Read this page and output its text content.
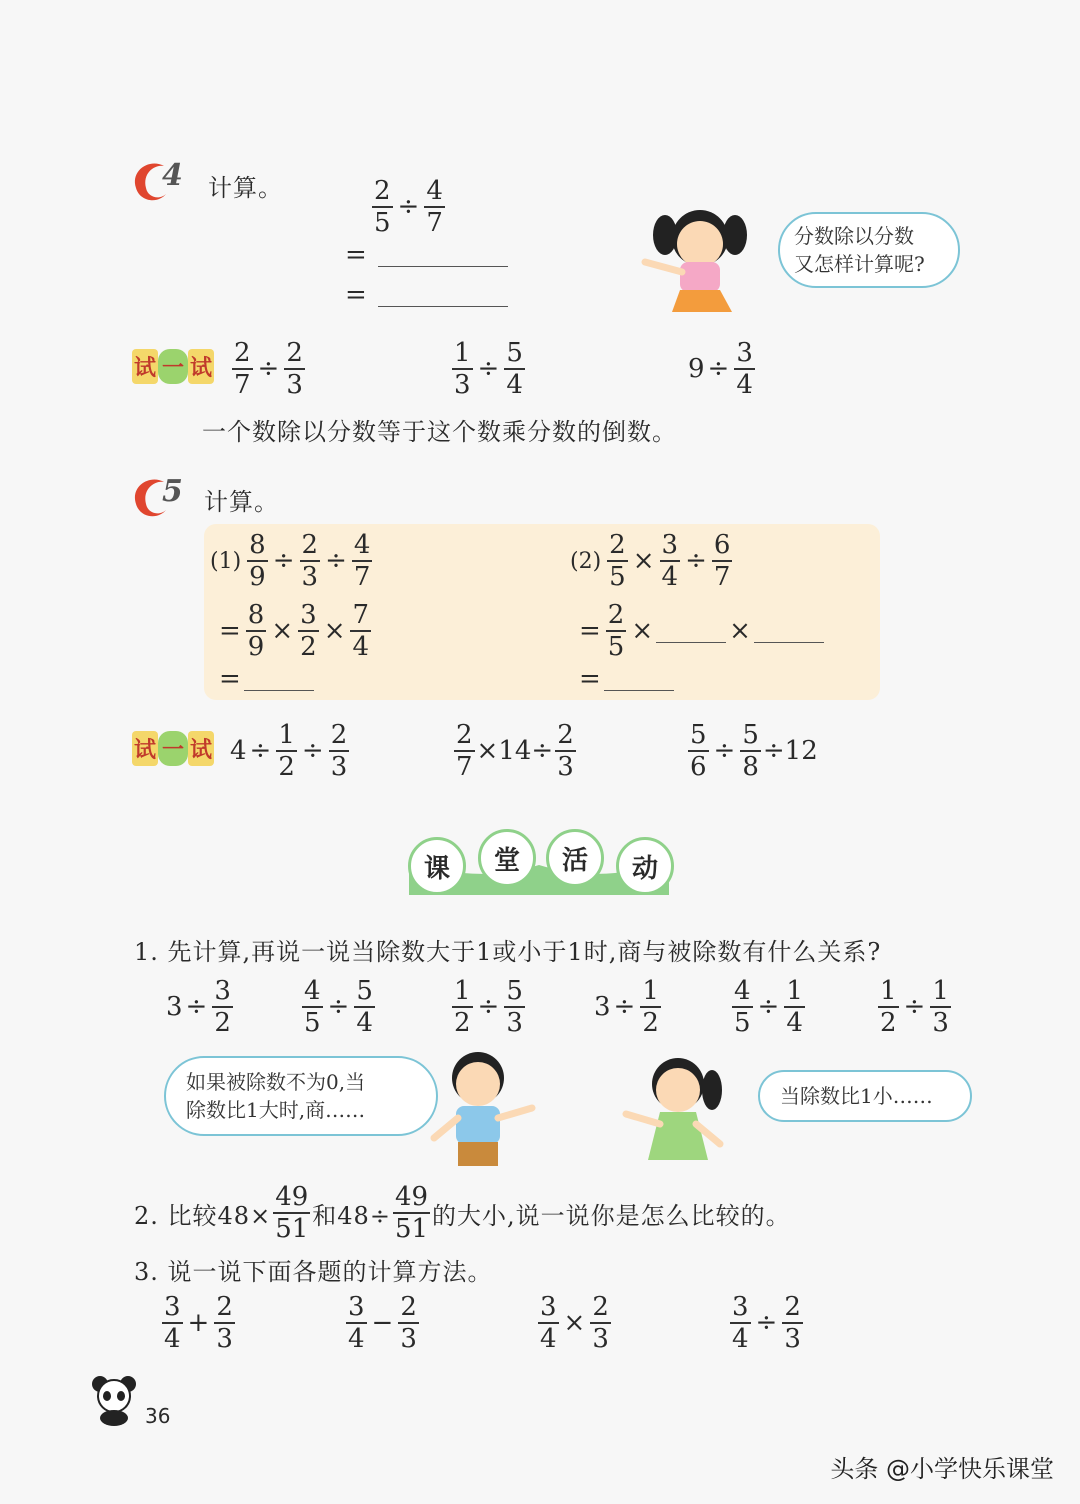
4 计算。	$\frac{2}{5} \div \frac{4}{7}$
=
=
分数除以分数
又怎样计算呢?
试 一 试 $\frac{2}{7} \div \frac{2}{3}$	$\frac{1}{3} \div \frac{5}{4}$	$9 \div \frac{3}{4}$
一个数除以分数等于这个数乘分数的倒数。
5 计算。
$(1) \frac{8}{9} \div \frac{2}{3} \div \frac{4}{7}$
= $\frac{8}{9} \times \frac{3}{2} \times \frac{7}{4}$
=
$(2) \frac{2}{5} \times \frac{3}{4} \div \frac{6}{7}$
= $\frac{2}{5}$ ×	×
=
试 一 试 $4 \div \frac{1}{2} \div \frac{2}{3}$	$\frac{2}{7} \times 14\div \frac{2}{3}$	$\frac{5}{6} \div \frac{5}{8} \div 12$
课	堂	活	动
1. 先计算,再说一说当除数大于1或小于1时,商与被除数有什么关系?
$3 \div \frac{3}{2}$	$\frac{4}{5} \div \frac{5}{4}$	$\frac{1}{2} \div \frac{5}{3}$	$3 \div \frac{1}{2}$	$\frac{4}{5} \div \frac{1}{4}$	$\frac{1}{2} \div \frac{1}{3}$
如果被除数不为0,当
除数比1大时,商……
当除数比1小……
2. 比较$48\times \frac{49}{51}$ 和$48\div \frac{49}{51}$ 的大小,说一说你是怎么比较的。
3. 说一说下面各题的计算方法。
$\frac{3}{4} + \frac{2}{3}$	$\frac{3}{4} - \frac{2}{3}$	$\frac{3}{4} \times \frac{2}{3}$	$\frac{3}{4} \div \frac{2}{3}$
36
头条 @小学快乐课堂
